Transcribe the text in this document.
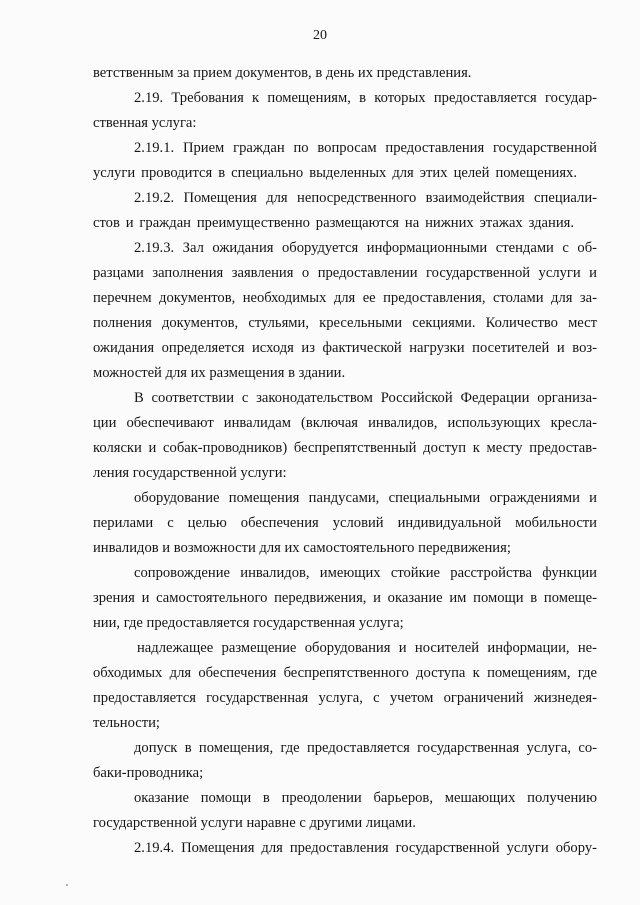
20
ветственным за прием документов, в день их представления.
2.19. Требования к помещениям, в которых предоставляется государ-
ственная услуга:
2.19.1. Прием граждан по вопросам предоставления государственной
услуги проводится в специально выделенных для этих целей помещениях.
2.19.2. Помещения для непосредственного взаимодействия специали-
стов и граждан преимущественно размещаются на нижних этажах здания.
2.19.3. Зал ожидания оборудуется информационными стендами с об-
разцами заполнения заявления о предоставлении государственной услуги и
перечнем документов, необходимых для ее предоставления, столами для за-
полнения документов, стульями, кресельными секциями. Количество мест
ожидания определяется исходя из фактической нагрузки посетителей и воз-
можностей для их размещения в здании.
В соответствии с законодательством Российской Федерации организа-
ции обеспечивают инвалидам (включая инвалидов, использующих кресла-
коляски и собак-проводников) беспрепятственный доступ к месту предостав-
ления государственной услуги:
оборудование помещения пандусами, специальными ограждениями и
перилами с целью обеспечения условий индивидуальной мобильности
инвалидов и возможности для их самостоятельного передвижения;
сопровождение инвалидов, имеющих стойкие расстройства функции
зрения и самостоятельного передвижения, и оказание им помощи в помеще-
нии, где предоставляется государственная услуга;
надлежащее размещение оборудования и носителей информации, не-
обходимых для обеспечения беспрепятственного доступа к помещениям, где
предоставляется государственная услуга, с учетом ограничений жизнедея-
тельности;
допуск в помещения, где предоставляется государственная услуга, со-
баки-проводника;
оказание помощи в преодолении барьеров, мешающих получению
государственной услуги наравне с другими лицами.
2.19.4. Помещения для предоставления государственной услуги обору-
